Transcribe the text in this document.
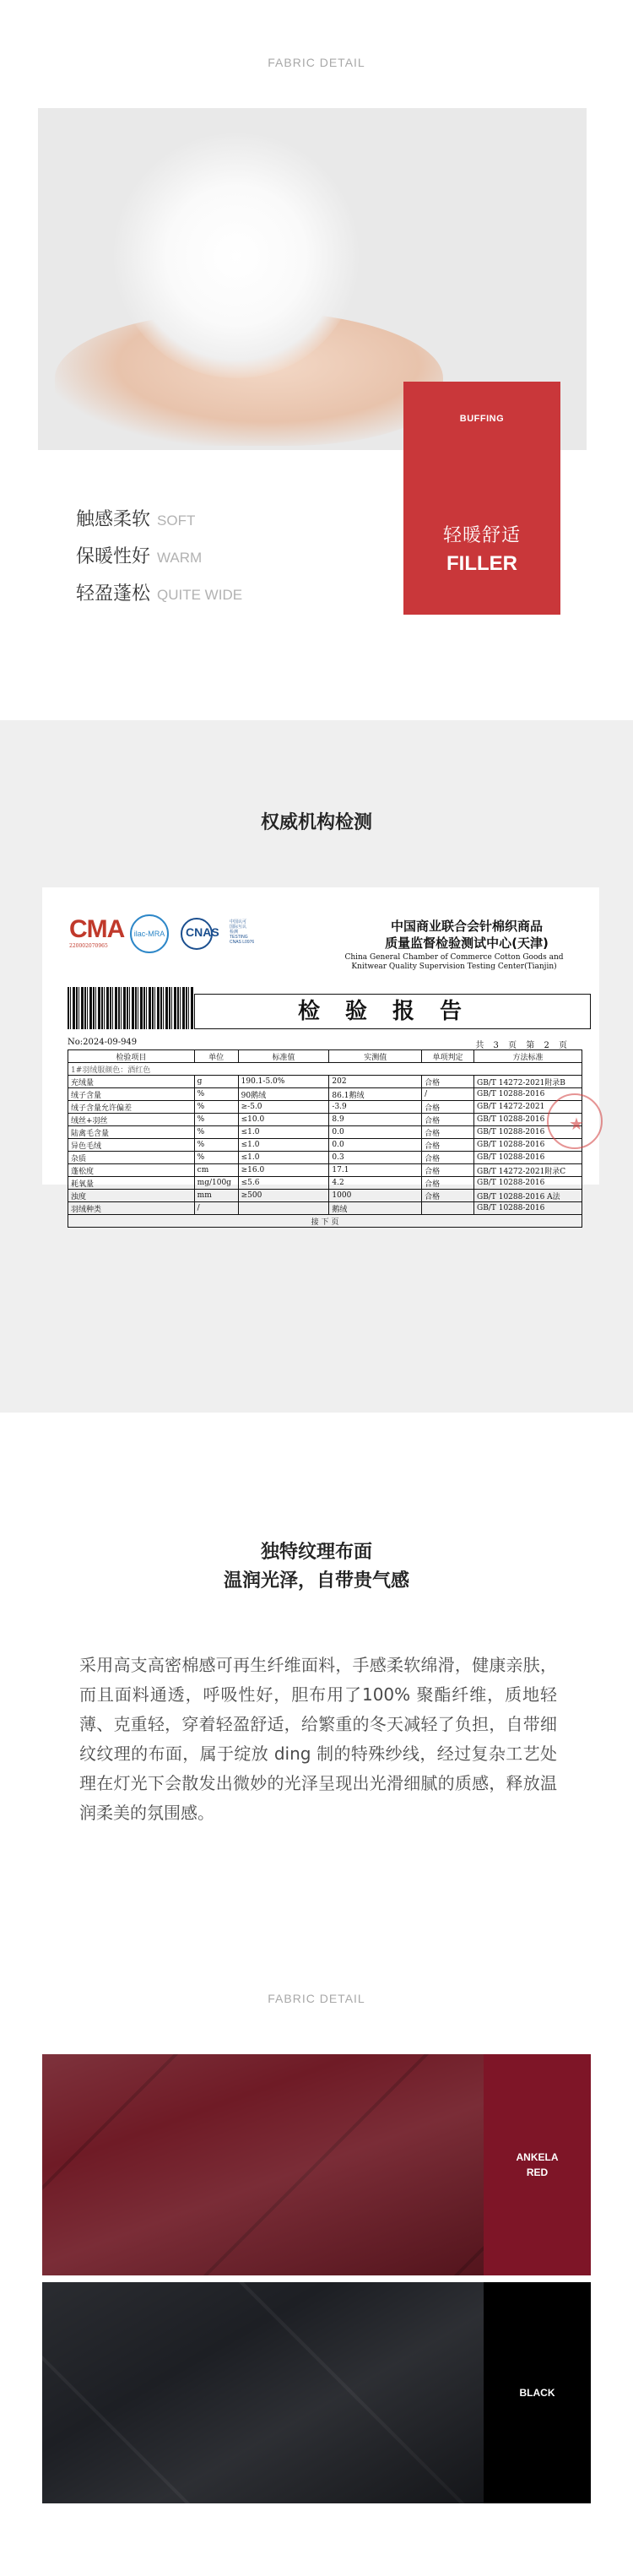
FABRIC DETAIL
BUFFING
轻暖舒适
FILLER
触感柔软 SOFT
保暖性好 WARM
轻盈蓬松 QUITE WIDE
权威机构检测
CMA
220002070965
ilac-MRA CNAS
中国认可
国际互认
检测
TESTING
CNAS L0976
中国商业联合会针棉织商品
质量监督检验测试中心(天津)
China General Chamber of Commerce Cotton Goods and
Knitwear Quality Supervision Testing Center(Tianjin)
检验报告
No:2024-09-949	共 3 页 第 2 页
检验项目	单位	标准值	实测值	单项判定	方法标准
1#羽绒服颜色：酒红色					
充绒量	g	190.1-5.0%	202	合格	GB/T 14272-2021附录B
绒子含量	%	90鹅绒	86.1鹅绒	/	GB/T 10288-2016
绒子含量允许偏差	%	≥-5.0	-3.9	合格	GB/T 14272-2021
绒丝+羽丝	%	≤10.0	8.9	合格	GB/T 10288-2016
陆禽毛含量	%	≤1.0	0.0	合格	GB/T 10288-2016
异色毛绒	%	≤1.0	0.0	合格	GB/T 10288-2016
杂质	%	≤1.0	0.3	合格	GB/T 10288-2016
蓬松度	cm	≥16.0	17.1	合格	GB/T 14272-2021附录C
耗氧量	mg/100g	≤5.6	4.2	合格	GB/T 10288-2016
浊度	mm	≥500	1000	合格	GB/T 10288-2016 A法
羽绒种类	/		鹅绒		GB/T 10288-2016
接 下 页					
★
独特纹理布面
温润光泽，自带贵气感
采用高支高密棉感可再生纤维面料，手感柔软绵滑，健康亲肤，而且面料通透，呼吸性好，胆布用了100% 聚酯纤维，质地轻薄、克重轻，穿着轻盈舒适，给繁重的冬天减轻了负担，自带细纹纹理的布面，属于绽放 ding 制的特殊纱线，经过复杂工艺处理在灯光下会散发出微妙的光泽呈现出光滑细腻的质感，释放温润柔美的氛围感。
FABRIC DETAIL
ANKELA
RED
BLACK
